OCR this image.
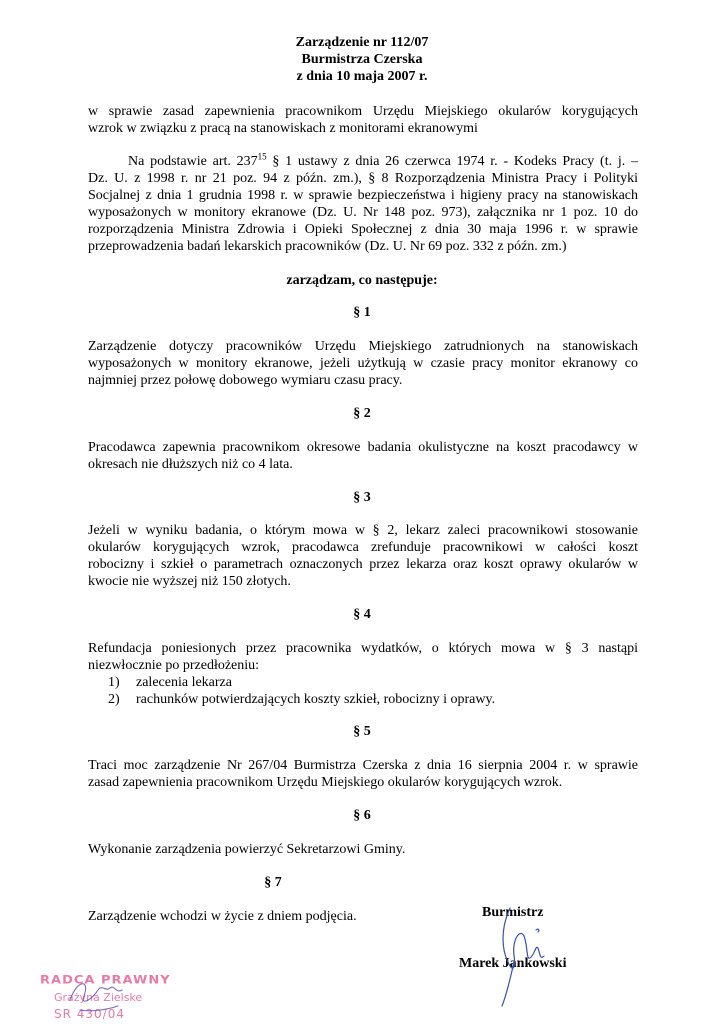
Zarządzenie nr 112/07
Burmistrza Czerska
z dnia 10 maja 2007 r.
w sprawie zasad zapewnienia pracownikom Urzędu Miejskiego okularów korygujących
wzrok w związku z pracą na stanowiskach z monitorami ekranowymi
Na podstawie art. $237^{15}$ § 1 ustawy z dnia 26 czerwca 1974 r. - Kodeks Pracy (t. j. –
Dz. U. z 1998 r. nr 21 poz. 94 z późn. zm.), § 8 Rozporządzenia Ministra Pracy i Polityki
Socjalnej z dnia 1 grudnia 1998 r. w sprawie bezpieczeństwa i higieny pracy na stanowiskach
wyposażonych w monitory ekranowe (Dz. U. Nr 148 poz. 973), załącznika nr 1 poz. 10 do
rozporządzenia Ministra Zdrowia i Opieki Społecznej z dnia 30 maja 1996 r. w sprawie
przeprowadzenia badań lekarskich pracowników (Dz. U. Nr 69 poz. 332 z późn. zm.)
zarządzam, co następuje:
§ 1
Zarządzenie dotyczy pracowników Urzędu Miejskiego zatrudnionych na stanowiskach
wyposażonych w monitory ekranowe, jeżeli użytkują w czasie pracy monitor ekranowy co
najmniej przez połowę dobowego wymiaru czasu pracy.
§ 2
Pracodawca zapewnia pracownikom okresowe badania okulistyczne na koszt pracodawcy w
okresach nie dłuższych niż co 4 lata.
§ 3
Jeżeli w wyniku badania, o którym mowa w § 2, lekarz zaleci pracownikowi stosowanie
okularów korygujących wzrok, pracodawca zrefunduje pracownikowi w całości koszt
robocizny i szkieł o parametrach oznaczonych przez lekarza oraz koszt oprawy okularów w
kwocie nie wyższej niż 150 złotych.
§ 4
Refundacja poniesionych przez pracownika wydatków, o których mowa w § 3 nastąpi
niezwłocznie po przedłożeniu:
1)	zalecenia lekarza
2)	rachunków potwierdzających koszty szkieł, robocizny i oprawy.
§ 5
Traci moc zarządzenie Nr 267/04 Burmistrza Czerska z dnia 16 sierpnia 2004 r. w sprawie
zasad zapewnienia pracownikom Urzędu Miejskiego okularów korygujących wzrok.
§ 6
Wykonanie zarządzenia powierzyć Sekretarzowi Gminy.
§ 7
Zarządzenie wchodzi w życie z dniem podjęcia.	Burmistrz
Marek Jankowski
RADCA PRAWNY
Grażyna Zielske
SR 430/04
